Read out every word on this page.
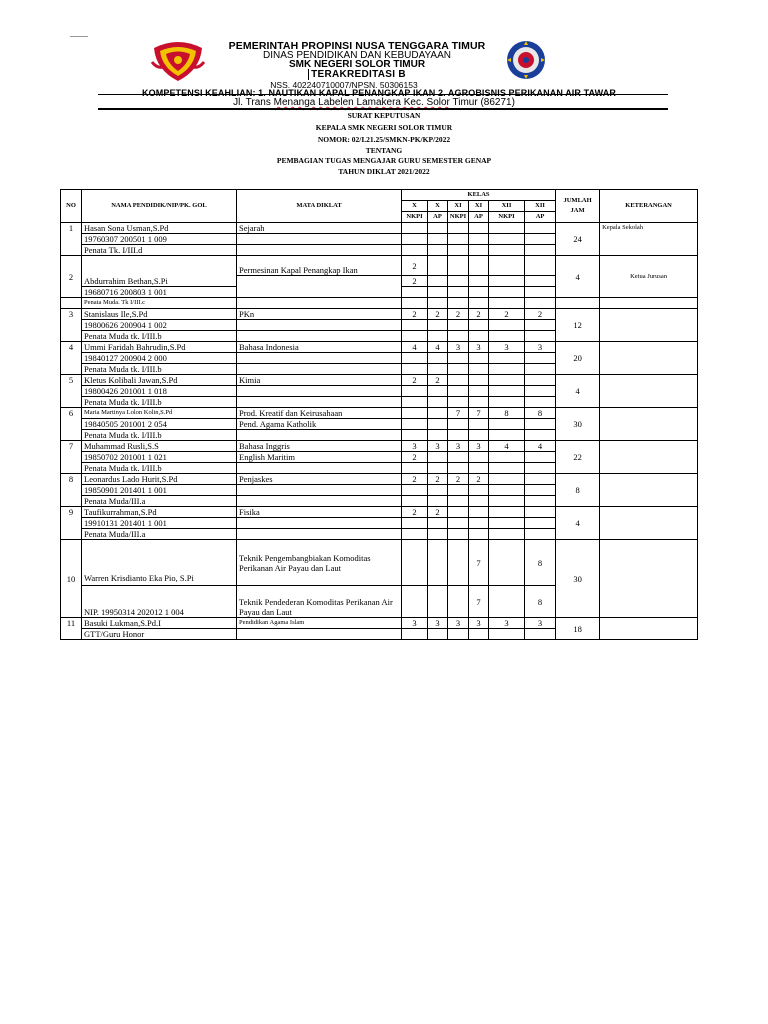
PEMERINTAH PROPINSI NUSA TENGGARA TIMUR
DINAS PENDIDIKAN DAN KEBUDAYAAN
SMK NEGERI SOLOR TIMUR
TERAKREDITASI B
NSS. 402240710007/NPSN. 50306153
KOMPETENSI KEAHLIAN: 1. NAUTIKAN KAPAL PENANGKAP IKAN 2. AGROBISNIS PERIKANAN AIR TAWAR
Jl. Trans Menanga Labelen Lamakera Kec. Solor Timur (86271)
SURAT KEPUTUSAN
KEPALA SMK NEGERI SOLOR TIMUR
NOMOR: 02/I.21.25/SMKN-PK/KP/2022
TENTANG
PEMBAGIAN TUGAS MENGAJAR GURU SEMESTER GENAP
TAHUN DIKLAT 2021/2022
NO	NAMA PENDIDIK/NIP/PK. GOL	MATA DIKLAT	KELAS						JUMLAH
JAM	KETERANGAN
			X	X	XI	XI	XII	XII		
			NKPI	AP	NKPI	AP	NKPI	AP		
1	Hasan Sona Usman,S.Pd	Sejarah							24	Kepala Sekolah
	19760307 200501 1 009									
	Penata Tk. I/III.d									
2	Abdurrahim Bethan,S.Pi	Permesinan Kapal Penangkap Ikan	2						4	Ketua Jurusan
			2							
	19680716 200803 1 001									
	Penata Muda. Tk I/III.c									
3	Stanislaus Ile,S.Pd	PKn	2	2	2	2	2	2	12	
	19800626 200904 1 002									
	Penata Muda tk. I/III.b									
4	Ummi Faridah Bahrudin,S.Pd	Bahasa Indonesia	4	4	3	3	3	3	20	
	19840127 200904 2 000									
	Penata Muda tk. I/III.b									
5	Kletus Kolibali Jawan,S.Pd	Kimia	2	2					4	
	19800426 201001 1 018									
	Penata Muda tk. I/III.b									
6	Maria Martinya Lolon Kolin,S.Pd	Prod. Kreatif dan Keirusahaan			7	7	8	8	30	
	19840505 201001 2 054	Pend. Agama Katholik								
	Penata Muda tk. I/III.b									
7	Muhammad Rusli,S.S	Bahasa Inggris	3	3	3	3	4	4	22	
	19850702 201001 1 021	English Maritim	2							
	Penata Muda tk. I/III.b									
8	Leonardus Lado Hurit,S.Pd	Penjaskes	2	2	2	2			8	
	19850901 201401 1 001									
	Penata Muda/III.a									
9	Taufikurrahman,S.Pd	Fisika	2	2					4	
	19910131 201401 1 001									
	Penata Muda/III.a									
10	Warren Krisdianto Eka Pio, S.Pi	Teknik Pengembangbiakan Komoditas Perikanan Air Payau dan Laut				7		8	30	
	NIP. 19950314 202012 1 004	Teknik Pendederan Komoditas Perikanan Air Payau dan Laut				7		8		
11	Basuki Lukman,S.Pd.I	Pendidikan Agama Islam	3	3	3	3	3	3	18	
	GTT/Guru Honor									
